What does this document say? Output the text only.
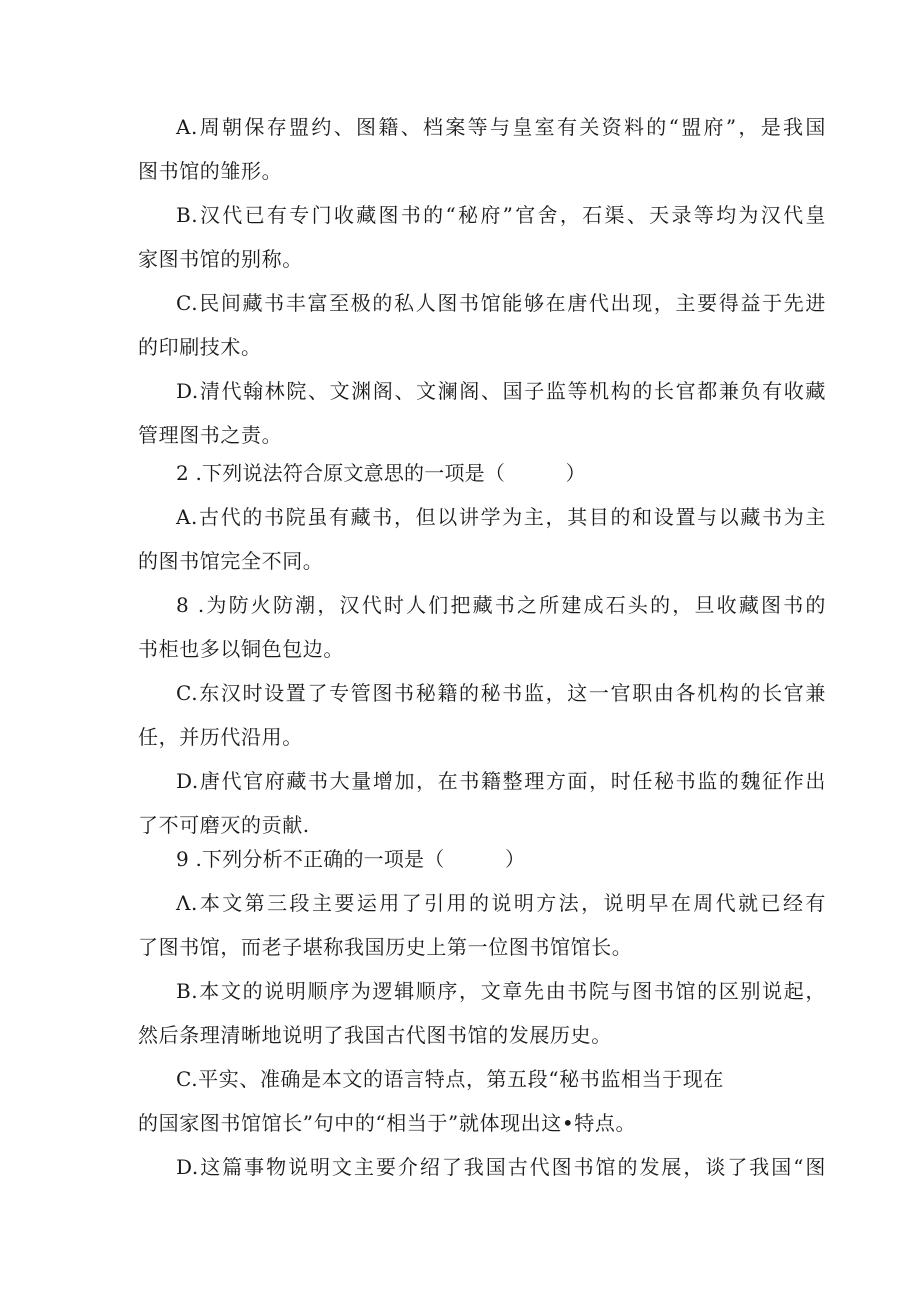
A.周朝保存盟约、图籍、档案等与皇室有关资料的“盟府”，是我国
图书馆的雏形。
B.汉代已有专门收藏图书的“秘府”官舍，石渠、天录等均为汉代皇
家图书馆的别称。
C.民间藏书丰富至极的私人图书馆能够在唐代出现，主要得益于先进
的印刷技术。
D.清代翰林院、文渊阁、文澜阁、国子监等机构的长官都兼负有收藏
管理图书之责。
2 .下列说法符合原文意思的一项是（　　　）
A.古代的书院虽有藏书，但以讲学为主，其目的和设置与以藏书为主
的图书馆完全不同。
8 .为防火防潮，汉代时人们把藏书之所建成石头的，旦收藏图书的
书柜也多以铜色包边。
C.东汉时设置了专管图书秘籍的秘书监，这一官职由各机构的长官兼
任，并历代沿用。
D.唐代官府藏书大量增加，在书籍整理方面，时任秘书监的魏征作出
了不可磨灭的贡献.
9 .下列分析不正确的一项是（　　　）
Λ.本文第三段主要运用了引用的说明方法，说明早在周代就已经有
了图书馆，而老子堪称我国历史上第一位图书馆馆长。
B.本文的说明顺序为逻辑顺序，文章先由书院与图书馆的区别说起，
然后条理清晰地说明了我国古代图书馆的发展历史。
C.平实、准确是本文的语言特点，第五段“秘书监相当于现在
的国家图书馆馆长”句中的“相当于”就体现出这•特点。
D.这篇事物说明文主要介绍了我国古代图书馆的发展，谈了我国“图
